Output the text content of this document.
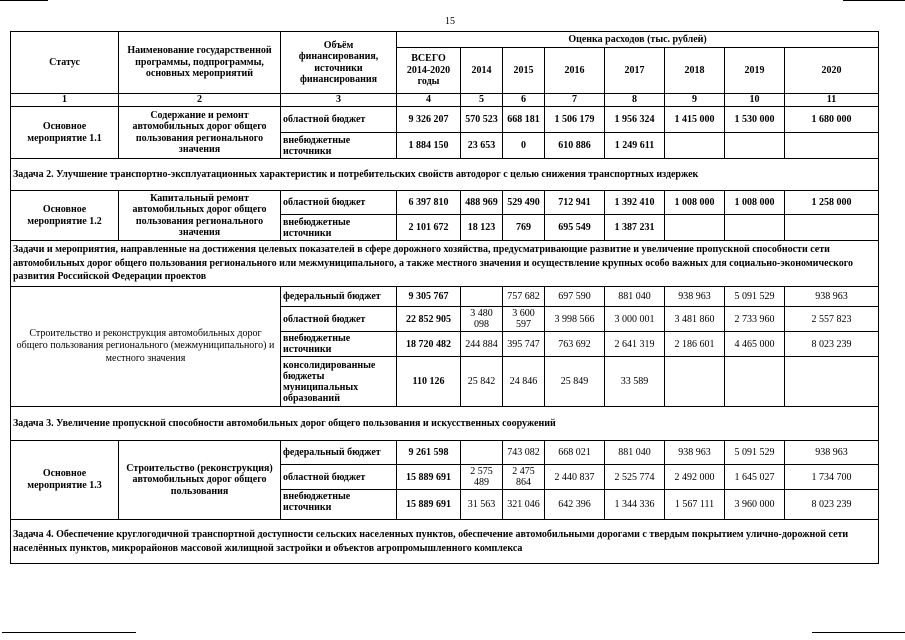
15
Статус	Наименование государственной программы, подпрограммы, основных мероприятий	Объём финансирования, источники финансирования	Оценка расходов (тыс. рублей)							
			ВСЕГО 2014-2020 годы	2014	2015	2016	2017	2018	2019	2020
1	2	3	4	5	6	7	8	9	10	11
Основное мероприятие 1.1	Содержание и ремонт автомобильных дорог общего пользования регионального значения	областной бюджет	9 326 207	570 523	668 181	1 506 179	1 956 324	1 415 000	1 530 000	1 680 000
		внебюджетные источники	1 884 150	23 653	0	610 886	1 249 611			
Задача 2. Улучшение транспортно-эксплуатационных характеристик и потребительских свойств автодорог с целью снижения транспортных издержек										
Основное мероприятие 1.2	Капитальный ремонт автомобильных дорог общего пользования регионального значения	областной бюджет	6 397 810	488 969	529 490	712 941	1 392 410	1 008 000	1 008 000	1 258 000
		внебюджетные источники	2 101 672	18 123	769	695 549	1 387 231			
Задачи и мероприятия, направленные на достижения целевых показателей в сфере дорожного хозяйства, предусматривающие развитие и увеличение пропускной способности сети автомобильных дорог общего пользования регионального или межмуниципального, а также местного значения и осуществление крупных особо важных для социально-экономического развития Российской Федерации проектов										
Строительство и реконструкция автомобильных дорог общего пользования регионального (межмуниципального) и местного значения		федеральный бюджет	9 305 767		757 682	697 590	881 040	938 963	5 091 529	938 963
		областной бюджет	22 852 905	3 480 098	3 600 597	3 998 566	3 000 001	3 481 860	2 733 960	2 557 823
		внебюджетные источники	18 720 482	244 884	395 747	763 692	2 641 319	2 186 601	4 465 000	8 023 239
		консолидированные бюджеты муниципальных образований	110 126	25 842	24 846	25 849	33 589			
Задача 3. Увеличение пропускной способности автомобильных дорог общего пользования и искусственных сооружений										
Основное мероприятие 1.3	Строительство (реконструкция) автомобильных дорог общего пользования	федеральный бюджет	9 261 598		743 082	668 021	881 040	938 963	5 091 529	938 963
		областной бюджет	15 889 691	2 575 489	2 475 864	2 440 837	2 525 774	2 492 000	1 645 027	1 734 700
		внебюджетные источники	15 889 691	31 563	321 046	642 396	1 344 336	1 567 111	3 960 000	8 023 239
Задача 4. Обеспечение круглогодичной транспортной доступности сельских населенных пунктов, обеспечение автомобильными дорогами с твердым покрытием улично-дорожной сети населённых пунктов, микрорайонов массовой жилищной застройки и объектов агропромышленного комплекса										
